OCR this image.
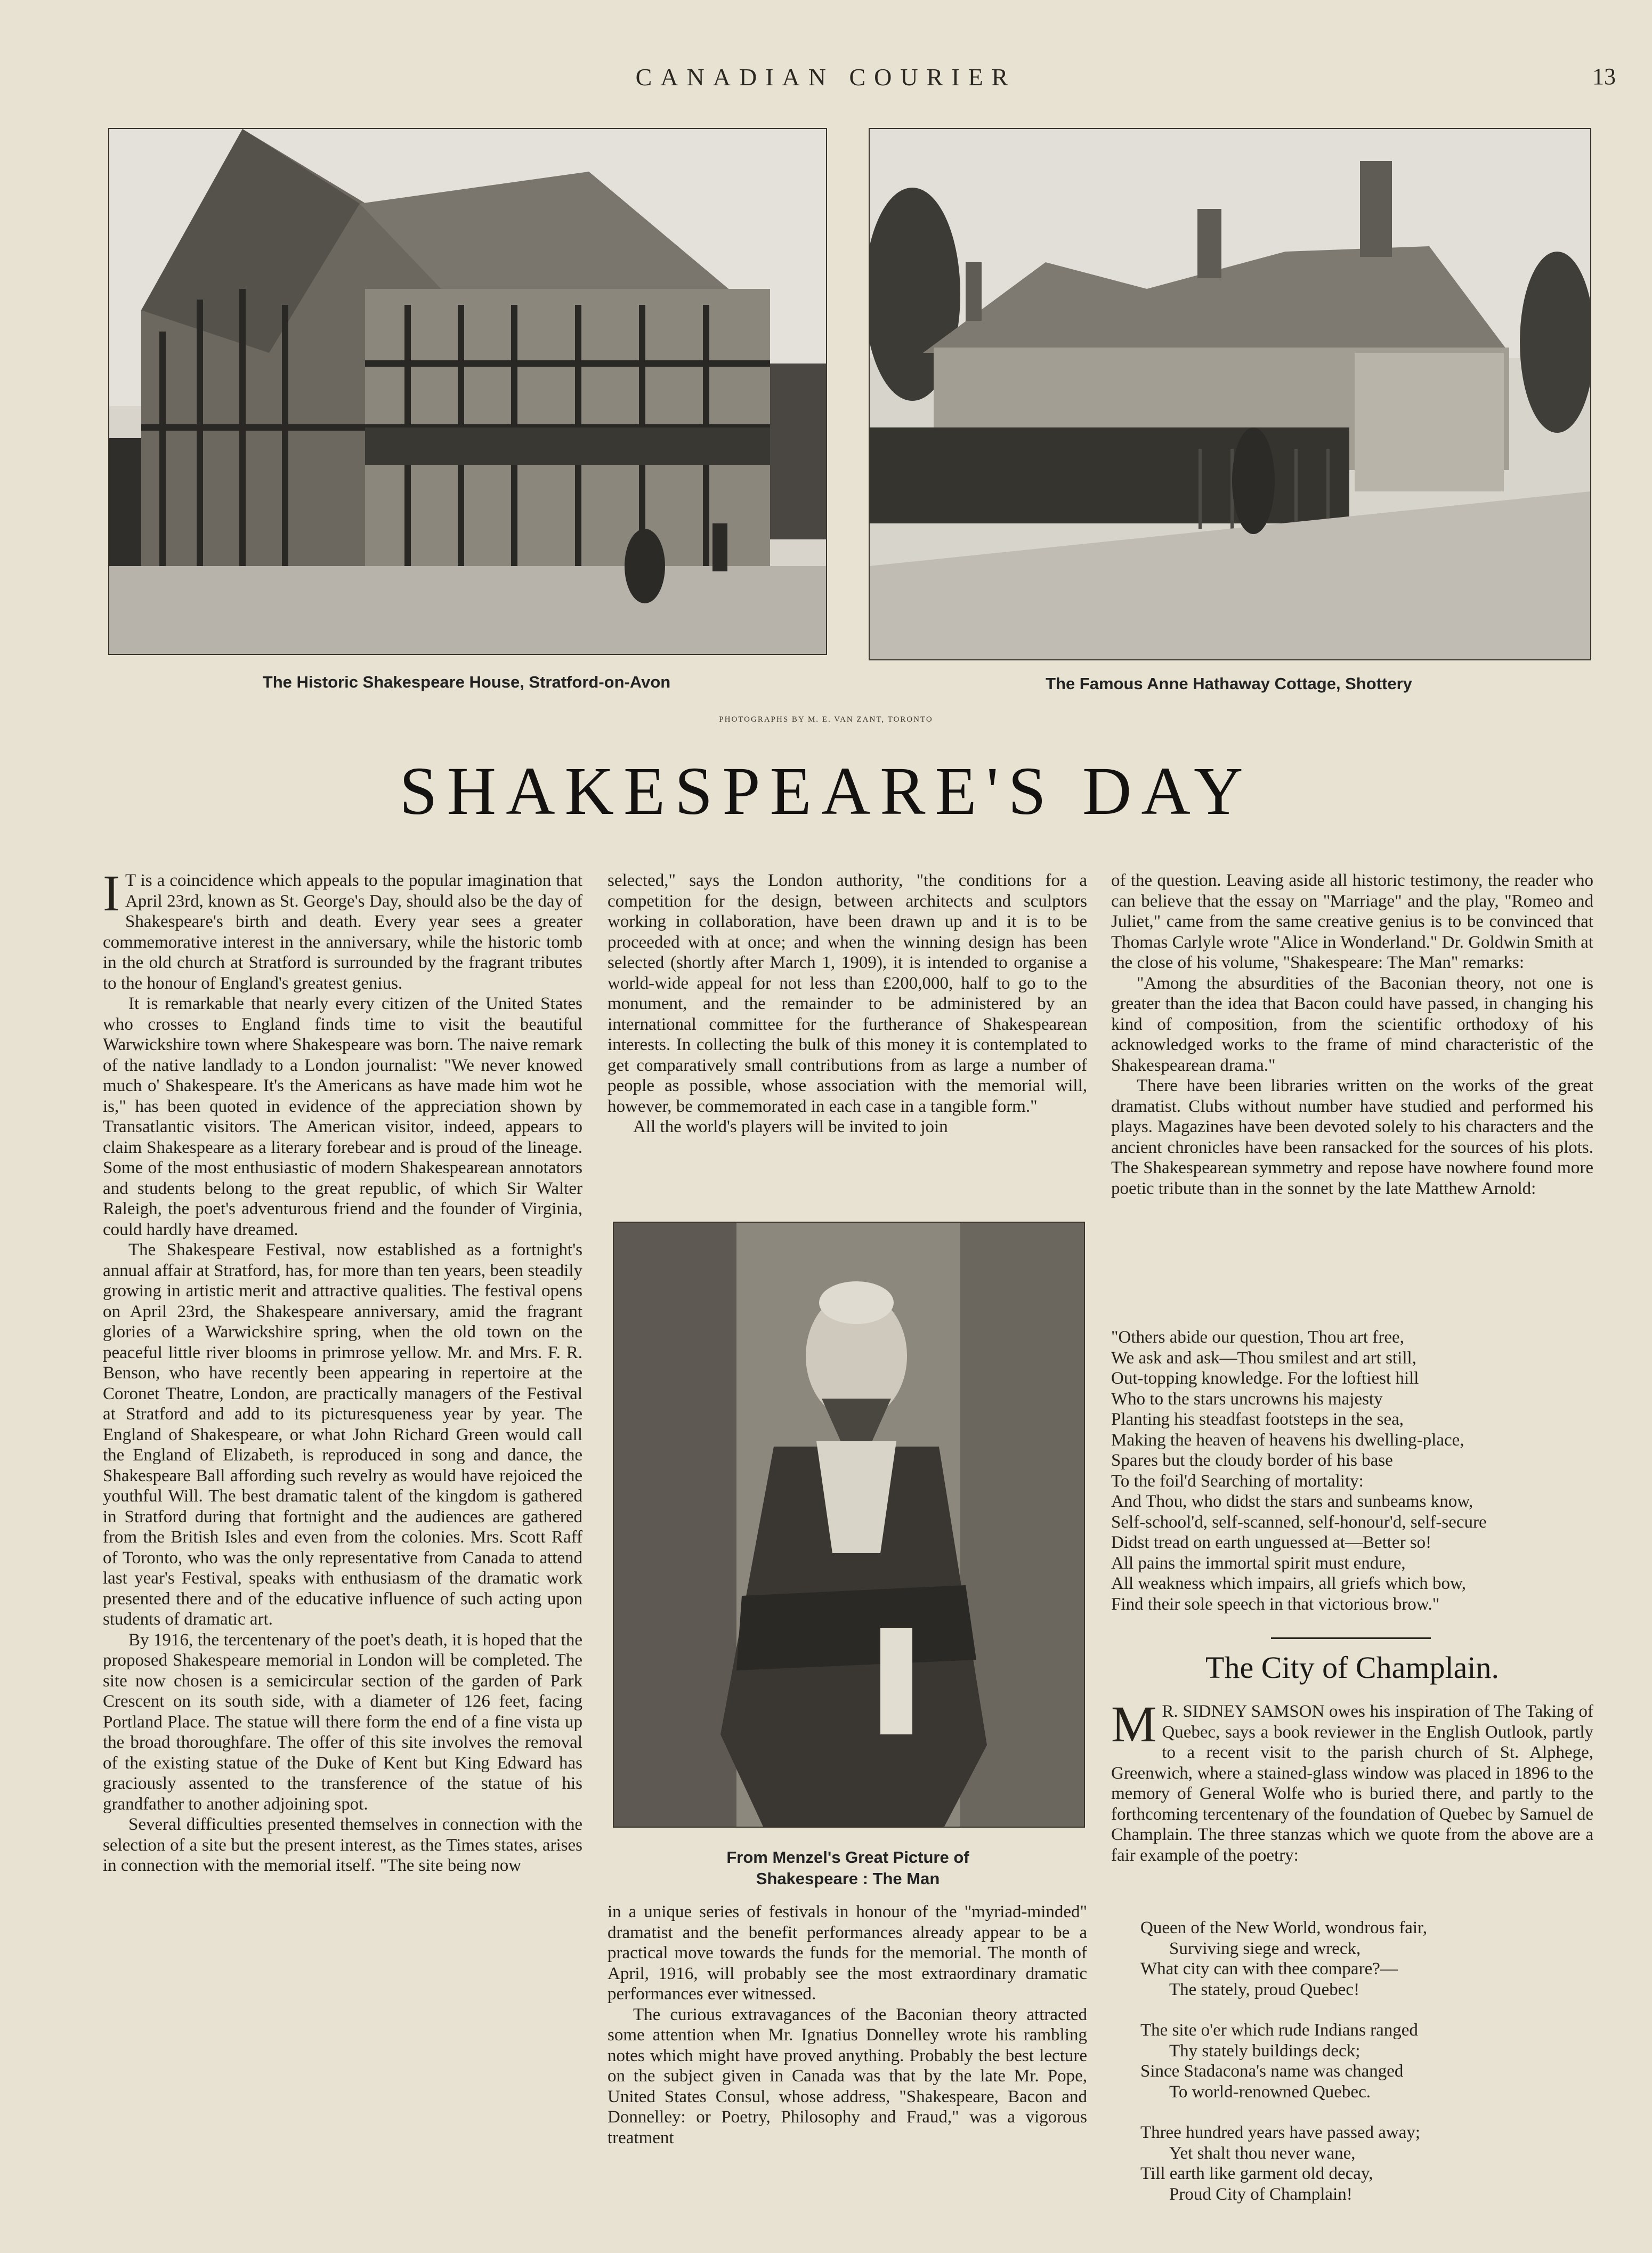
CANADIAN COURIER	13
The Historic Shakespeare House, Stratford-on-Avon	The Famous Anne Hathaway Cottage, Shottery
PHOTOGRAPHS BY M. E. VAN ZANT, TORONTO
SHAKESPEARE'S DAY

I T is a coincidence which appeals to the popular imagination that April 23rd, known as St. George's Day, should also be the day of Shakespeare's birth and death. Every year sees a greater commemorative interest in the anniversary, while the historic tomb in the old church at Stratford is surrounded by the fragrant tributes to the honour of England's greatest genius.

It is remarkable that nearly every citizen of the United States who crosses to England finds time to visit the beautiful Warwickshire town where Shakespeare was born. The naive remark of the native landlady to a London journalist: "We never knowed much o' Shakespeare. It's the Americans as have made him wot he is," has been quoted in evidence of the appreciation shown by Transatlantic visitors. The American visitor, indeed, appears to claim Shakespeare as a literary forebear and is proud of the lineage. Some of the most enthusiastic of modern Shakespearean annotators and students belong to the great republic, of which Sir Walter Raleigh, the poet's adventurous friend and the founder of Virginia, could hardly have dreamed.

The Shakespeare Festival, now established as a fortnight's annual affair at Stratford, has, for more than ten years, been steadily growing in artistic merit and attractive qualities. The festival opens on April 23rd, the Shakespeare anniversary, amid the fragrant glories of a Warwickshire spring, when the old town on the peaceful little river blooms in primrose yellow. Mr. and Mrs. F. R. Benson, who have recently been appearing in repertoire at the Coronet Theatre, London, are practically managers of the Festival at Stratford and add to its picturesqueness year by year. The England of Shakespeare, or what John Richard Green would call the England of Elizabeth, is reproduced in song and dance, the Shakespeare Ball affording such revelry as would have rejoiced the youthful Will. The best dramatic talent of the kingdom is gathered in Stratford during that fortnight and the audiences are gathered from the British Isles and even from the colonies. Mrs. Scott Raff of Toronto, who was the only representative from Canada to attend last year's Festival, speaks with enthusiasm of the dramatic work presented there and of the educative influence of such acting upon students of dramatic art.

By 1916, the tercentenary of the poet's death, it is hoped that the proposed Shakespeare memorial in London will be completed. The site now chosen is a semicircular section of the garden of Park Crescent on its south side, with a diameter of 126 feet, facing Portland Place. The statue will there form the end of a fine vista up the broad thoroughfare. The offer of this site involves the removal of the existing statue of the Duke of Kent but King Edward has graciously assented to the transference of the statue of his grandfather to another adjoining spot.

Several difficulties presented themselves in connection with the selection of a site but the present interest, as the Times states, arises in connection with the memorial itself. "The site being now

selected," says the London authority, "the conditions for a competition for the design, between architects and sculptors working in collaboration, have been drawn up and it is to be proceeded with at once; and when the winning design has been selected (shortly after March 1, 1909), it is intended to organise a world-wide appeal for not less than £200,000, half to go to the monument, and the remainder to be administered by an international committee for the furtherance of Shakespearean interests. In collecting the bulk of this money it is contemplated to get comparatively small contributions from as large a number of people as possible, whose association with the memorial will, however, be commemorated in each case in a tangible form."

All the world's players will be invited to join

From Menzel's Great Picture of
Shakespeare : The Man

in a unique series of festivals in honour of the "myriad-minded" dramatist and the benefit performances already appear to be a practical move towards the funds for the memorial. The month of April, 1916, will probably see the most extraordinary dramatic performances ever witnessed.

The curious extravagances of the Baconian theory attracted some attention when Mr. Ignatius Donnelley wrote his rambling notes which might have proved anything. Probably the best lecture on the subject given in Canada was that by the late Mr. Pope, United States Consul, whose address, "Shakespeare, Bacon and Donnelley: or Poetry, Philosophy and Fraud," was a vigorous treatment

of the question. Leaving aside all historic testimony, the reader who can believe that the essay on "Marriage" and the play, "Romeo and Juliet," came from the same creative genius is to be convinced that Thomas Carlyle wrote "Alice in Wonderland." Dr. Goldwin Smith at the close of his volume, "Shakespeare: The Man" remarks:

"Among the absurdities of the Baconian theory, not one is greater than the idea that Bacon could have passed, in changing his kind of composition, from the scientific orthodoxy of his acknowledged works to the frame of mind characteristic of the Shakespearean drama."

There have been libraries written on the works of the great dramatist. Clubs without number have studied and performed his plays. Magazines have been devoted solely to his characters and the ancient chronicles have been ransacked for the sources of his plots. The Shakespearean symmetry and repose have nowhere found more poetic tribute than in the sonnet by the late Matthew Arnold:

"Others abide our question, Thou art free,
We ask and ask—Thou smilest and art still,
Out-topping knowledge. For the loftiest hill
Who to the stars uncrowns his majesty
Planting his steadfast footsteps in the sea,
Making the heaven of heavens his dwelling-place,
Spares but the cloudy border of his base
To the foil'd Searching of mortality:
And Thou, who didst the stars and sunbeams know,
Self-school'd, self-scanned, self-honour'd, self-secure
Didst tread on earth unguessed at—Better so!
All pains the immortal spirit must endure,
All weakness which impairs, all griefs which bow,
Find their sole speech in that victorious brow."
The City of Champlain.

M R. SIDNEY SAMSON owes his inspiration of The Taking of Quebec, says a book reviewer in the English Outlook, partly to a recent visit to the parish church of St. Alphege, Greenwich, where a stained-glass window was placed in 1896 to the memory of General Wolfe who is buried there, and partly to the forthcoming tercentenary of the foundation of Quebec by Samuel de Champlain. The three stanzas which we quote from the above are a fair example of the poetry:

Queen of the New World, wondrous fair,
Surviving siege and wreck,
What city can with thee compare?—
The stately, proud Quebec!
The site o'er which rude Indians ranged
Thy stately buildings deck;
Since Stadacona's name was changed
To world-renowned Quebec.
Three hundred years have passed away;
Yet shalt thou never wane,
Till earth like garment old decay,
Proud City of Champlain!
